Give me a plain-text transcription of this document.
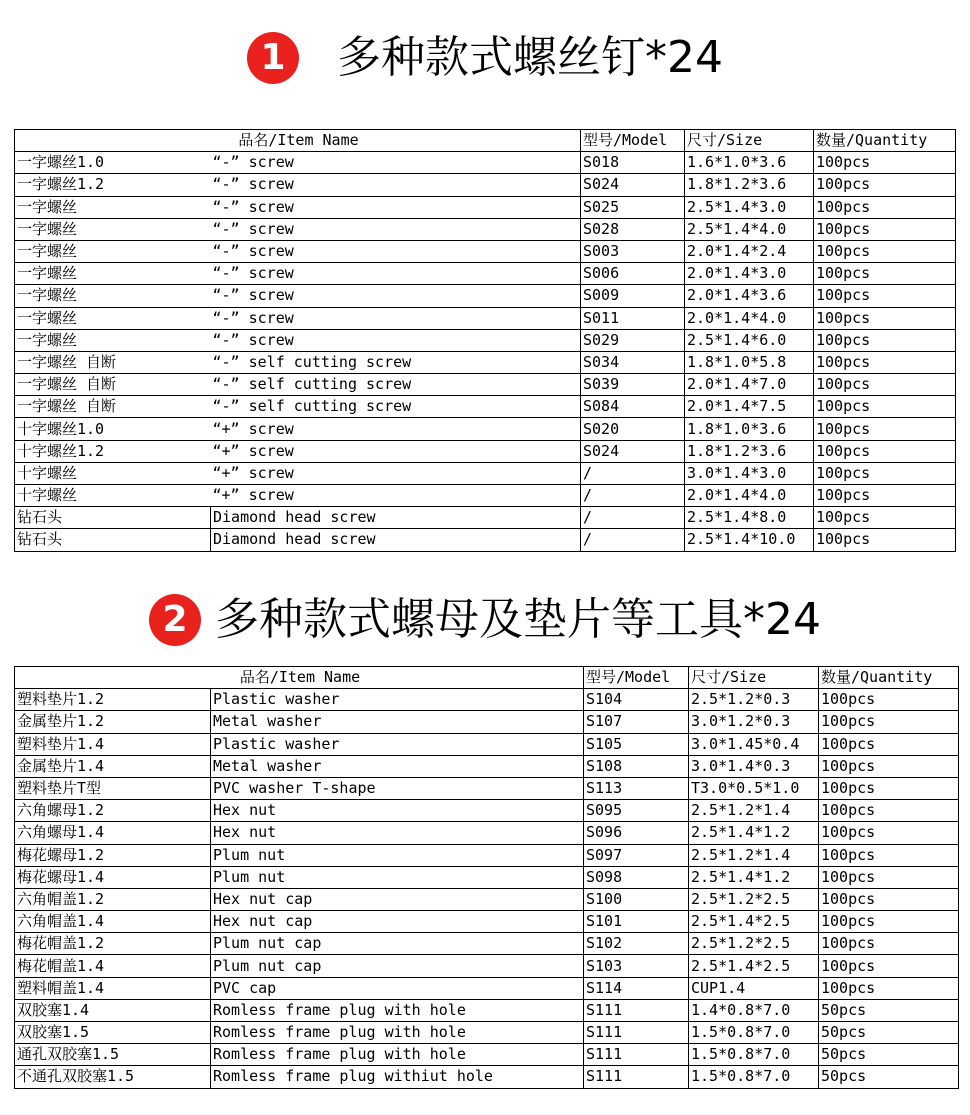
1	多种款式螺丝钉*24
品名/Item Name		型号/Model	尺寸/Size	数量/Quantity
一字螺丝1.0	“-” screw	S018	1.6*1.0*3.6	100pcs
一字螺丝1.2	“-” screw	S024	1.8*1.2*3.6	100pcs
一字螺丝	“-” screw	S025	2.5*1.4*3.0	100pcs
一字螺丝	“-” screw	S028	2.5*1.4*4.0	100pcs
一字螺丝	“-” screw	S003	2.0*1.4*2.4	100pcs
一字螺丝	“-” screw	S006	2.0*1.4*3.0	100pcs
一字螺丝	“-” screw	S009	2.0*1.4*3.6	100pcs
一字螺丝	“-” screw	S011	2.0*1.4*4.0	100pcs
一字螺丝	“-” screw	S029	2.5*1.4*6.0	100pcs
一字螺丝 自断	“-” self cutting screw	S034	1.8*1.0*5.8	100pcs
一字螺丝 自断	“-” self cutting screw	S039	2.0*1.4*7.0	100pcs
一字螺丝 自断	“-” self cutting screw	S084	2.0*1.4*7.5	100pcs
十字螺丝1.0	“+” screw	S020	1.8*1.0*3.6	100pcs
十字螺丝1.2	“+” screw	S024	1.8*1.2*3.6	100pcs
十字螺丝	“+” screw	/	3.0*1.4*3.0	100pcs
十字螺丝	“+” screw	/	2.0*1.4*4.0	100pcs
钻石头	Diamond head screw	/	2.5*1.4*8.0	100pcs
钻石头	Diamond head screw	/	2.5*1.4*10.0	100pcs
2 多种款式螺母及垫片等工具*24
品名/Item Name		型号/Model	尺寸/Size	数量/Quantity
塑料垫片1.2	Plastic washer	S104	2.5*1.2*0.3	100pcs
金属垫片1.2	Metal washer	S107	3.0*1.2*0.3	100pcs
塑料垫片1.4	Plastic washer	S105	3.0*1.45*0.4	100pcs
金属垫片1.4	Metal washer	S108	3.0*1.4*0.3	100pcs
塑料垫片T型	PVC washer T-shape	S113	T3.0*0.5*1.0	100pcs
六角螺母1.2	Hex nut	S095	2.5*1.2*1.4	100pcs
六角螺母1.4	Hex nut	S096	2.5*1.4*1.2	100pcs
梅花螺母1.2	Plum nut	S097	2.5*1.2*1.4	100pcs
梅花螺母1.4	Plum nut	S098	2.5*1.4*1.2	100pcs
六角帽盖1.2	Hex nut cap	S100	2.5*1.2*2.5	100pcs
六角帽盖1.4	Hex nut cap	S101	2.5*1.4*2.5	100pcs
梅花帽盖1.2	Plum nut cap	S102	2.5*1.2*2.5	100pcs
梅花帽盖1.4	Plum nut cap	S103	2.5*1.4*2.5	100pcs
塑料帽盖1.4	PVC cap	S114	CUP1.4	100pcs
双胶塞1.4	Romless frame plug with hole	S111	1.4*0.8*7.0	50pcs
双胶塞1.5	Romless frame plug with hole	S111	1.5*0.8*7.0	50pcs
通孔双胶塞1.5	Romless frame plug with hole	S111	1.5*0.8*7.0	50pcs
不通孔双胶塞1.5	Romless frame plug withiut hole	S111	1.5*0.8*7.0	50pcs
